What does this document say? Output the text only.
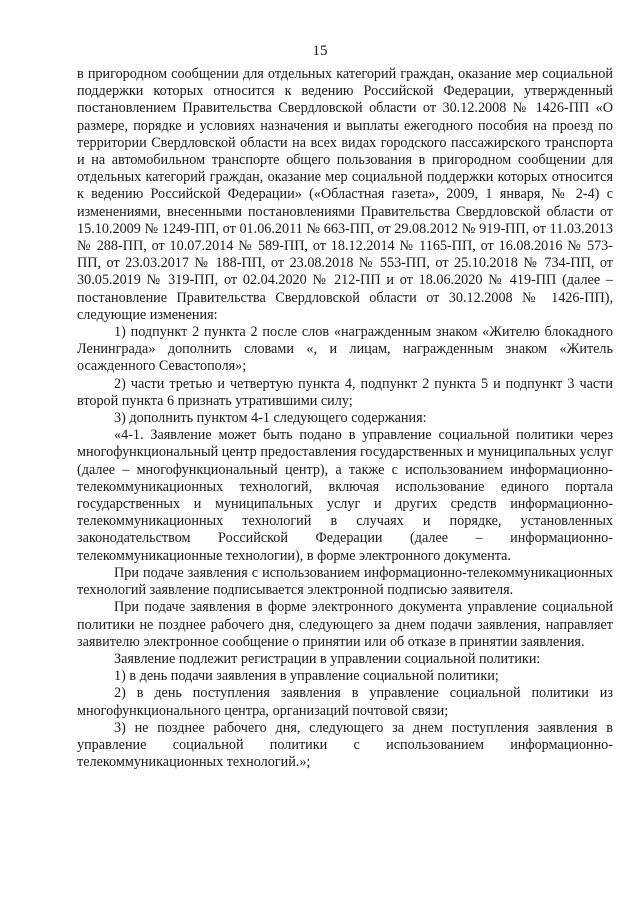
15

в пригородном сообщении для отдельных категорий граждан, оказание мер социальной поддержки которых относится к ведению Российской Федерации, утвержденный постановлением Правительства Свердловской области от 30.12.2008 № 1426-ПП «О размере, порядке и условиях назначения и выплаты ежегодного пособия на проезд по территории Свердловской области на всех видах городского пассажирского транспорта и на автомобильном транспорте общего пользования в пригородном сообщении для отдельных категорий граждан, оказание мер социальной поддержки которых относится к ведению Российской Федерации» («Областная газета», 2009, 1 января, № 2-4) с изменениями, внесенными постановлениями Правительства Свердловской области от 15.10.2009 № 1249-ПП, от 01.06.2011 № 663-ПП, от 29.08.2012 № 919-ПП, от 11.03.2013 № 288-ПП, от 10.07.2014 № 589-ПП, от 18.12.2014 № 1165-ПП, от 16.08.2016 № 573-ПП, от 23.03.2017 № 188-ПП, от 23.08.2018 № 553-ПП, от 25.10.2018 № 734-ПП, от 30.05.2019 № 319-ПП, от 02.04.2020 № 212-ПП и от 18.06.2020 № 419-ПП (далее – постановление Правительства Свердловской области от 30.12.2008 № 1426-ПП), следующие изменения:

1) подпункт 2 пункта 2 после слов «награжденным знаком «Жителю блокадного Ленинграда» дополнить словами «, и лицам, награжденным знаком «Житель осажденного Севастополя»;

2) части третью и четвертую пункта 4, подпункт 2 пункта 5 и подпункт 3 части второй пункта 6 признать утратившими силу;

3) дополнить пунктом 4-1 следующего содержания:

«4-1. Заявление может быть подано в управление социальной политики через многофункциональный центр предоставления государственных и муниципальных услуг (далее – многофункциональный центр), а также с использованием информационно-телекоммуникационных технологий, включая использование единого портала государственных и муниципальных услуг и других средств информационно-телекоммуникационных технологий в случаях и порядке, установленных законодательством Российской Федерации (далее – информационно-телекоммуникационные технологии), в форме электронного документа.

При подаче заявления с использованием информационно-телекоммуникационных технологий заявление подписывается электронной подписью заявителя.

При подаче заявления в форме электронного документа управление социальной политики не позднее рабочего дня, следующего за днем подачи заявления, направляет заявителю электронное сообщение о принятии или об отказе в принятии заявления.

Заявление подлежит регистрации в управлении социальной политики:

1) в день подачи заявления в управление социальной политики;

2) в день поступления заявления в управление социальной политики из многофункционального центра, организаций почтовой связи;

3) не позднее рабочего дня, следующего за днем поступления заявления в управление социальной политики с использованием информационно-телекоммуникационных технологий.»;
